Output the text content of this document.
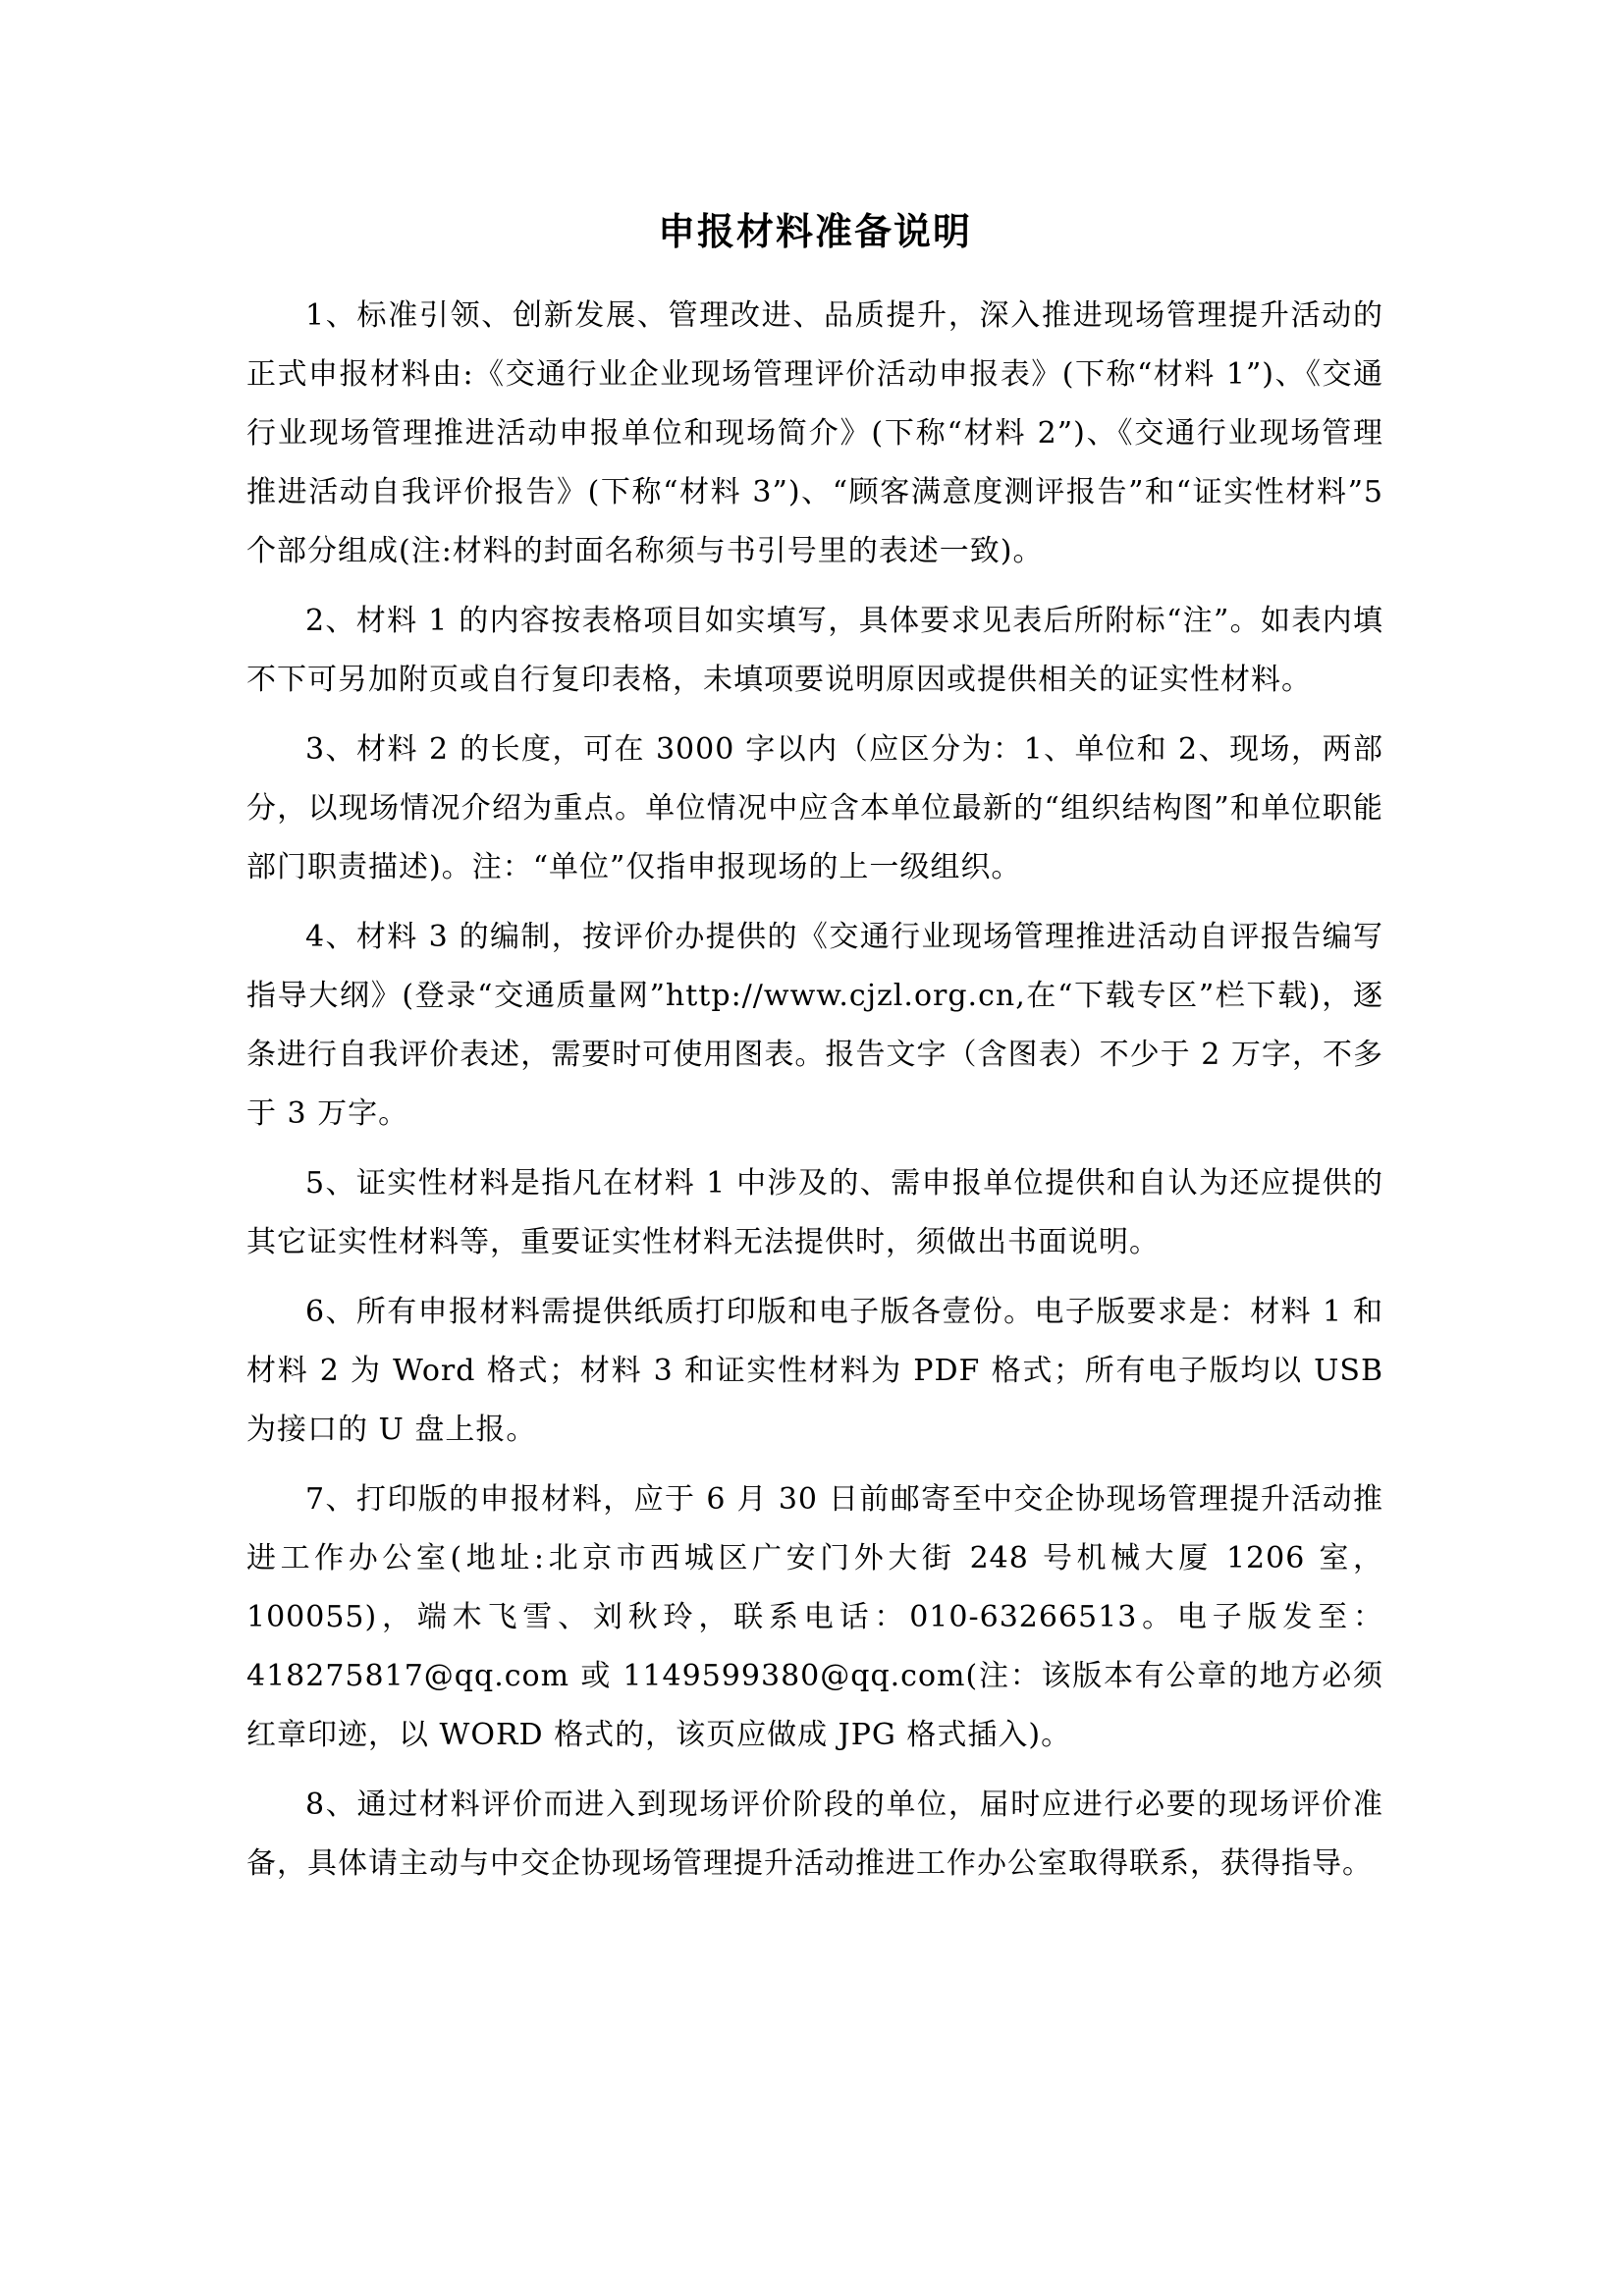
申报材料准备说明

1、标准引领、创新发展、管理改进、品质提升，深入推进现场管理提升活动的正式申报材料由:《交通行业企业现场管理评价活动申报表》(下称“材料 1”)、《交通行业现场管理推进活动申报单位和现场简介》(下称“材料 2”)、《交通行业现场管理推进活动自我评价报告》(下称“材料 3”)、“顾客满意度测评报告”和“证实性材料”5 个部分组成(注:材料的封面名称须与书引号里的表述一致)。

2、材料 1 的内容按表格项目如实填写，具体要求见表后所附标“注”。如表内填不下可另加附页或自行复印表格，未填项要说明原因或提供相关的证实性材料。

3、材料 2 的长度，可在 3000 字以内（应区分为：1、单位和 2、现场，两部分，以现场情况介绍为重点。单位情况中应含本单位最新的“组织结构图”和单位职能部门职责描述)。注：“单位”仅指申报现场的上一级组织。

4、材料 3 的编制，按评价办提供的《交通行业现场管理推进活动自评报告编写指导大纲》(登录“交通质量网”http://www.cjzl.org.cn,在“下载专区”栏下载)，逐条进行自我评价表述，需要时可使用图表。报告文字（含图表）不少于 2 万字，不多于 3 万字。

5、证实性材料是指凡在材料 1 中涉及的、需申报单位提供和自认为还应提供的其它证实性材料等，重要证实性材料无法提供时，须做出书面说明。

6、所有申报材料需提供纸质打印版和电子版各壹份。电子版要求是：材料 1 和材料 2 为 Word 格式；材料 3 和证实性材料为 PDF 格式；所有电子版均以 USB 为接口的 U 盘上报。

7、打印版的申报材料，应于 6 月 30 日前邮寄至中交企协现场管理提升活动推进工作办公室(地址:北京市西城区广安门外大街 248 号机械大厦 1206 室，100055)，端木飞雪、刘秋玲，联系电话：010-63266513。电子版发至：418275817@qq.com 或 1149599380@qq.com(注：该版本有公章的地方必须红章印迹，以 WORD 格式的，该页应做成 JPG 格式插入)。

8、通过材料评价而进入到现场评价阶段的单位，届时应进行必要的现场评价准备，具体请主动与中交企协现场管理提升活动推进工作办公室取得联系，获得指导。
